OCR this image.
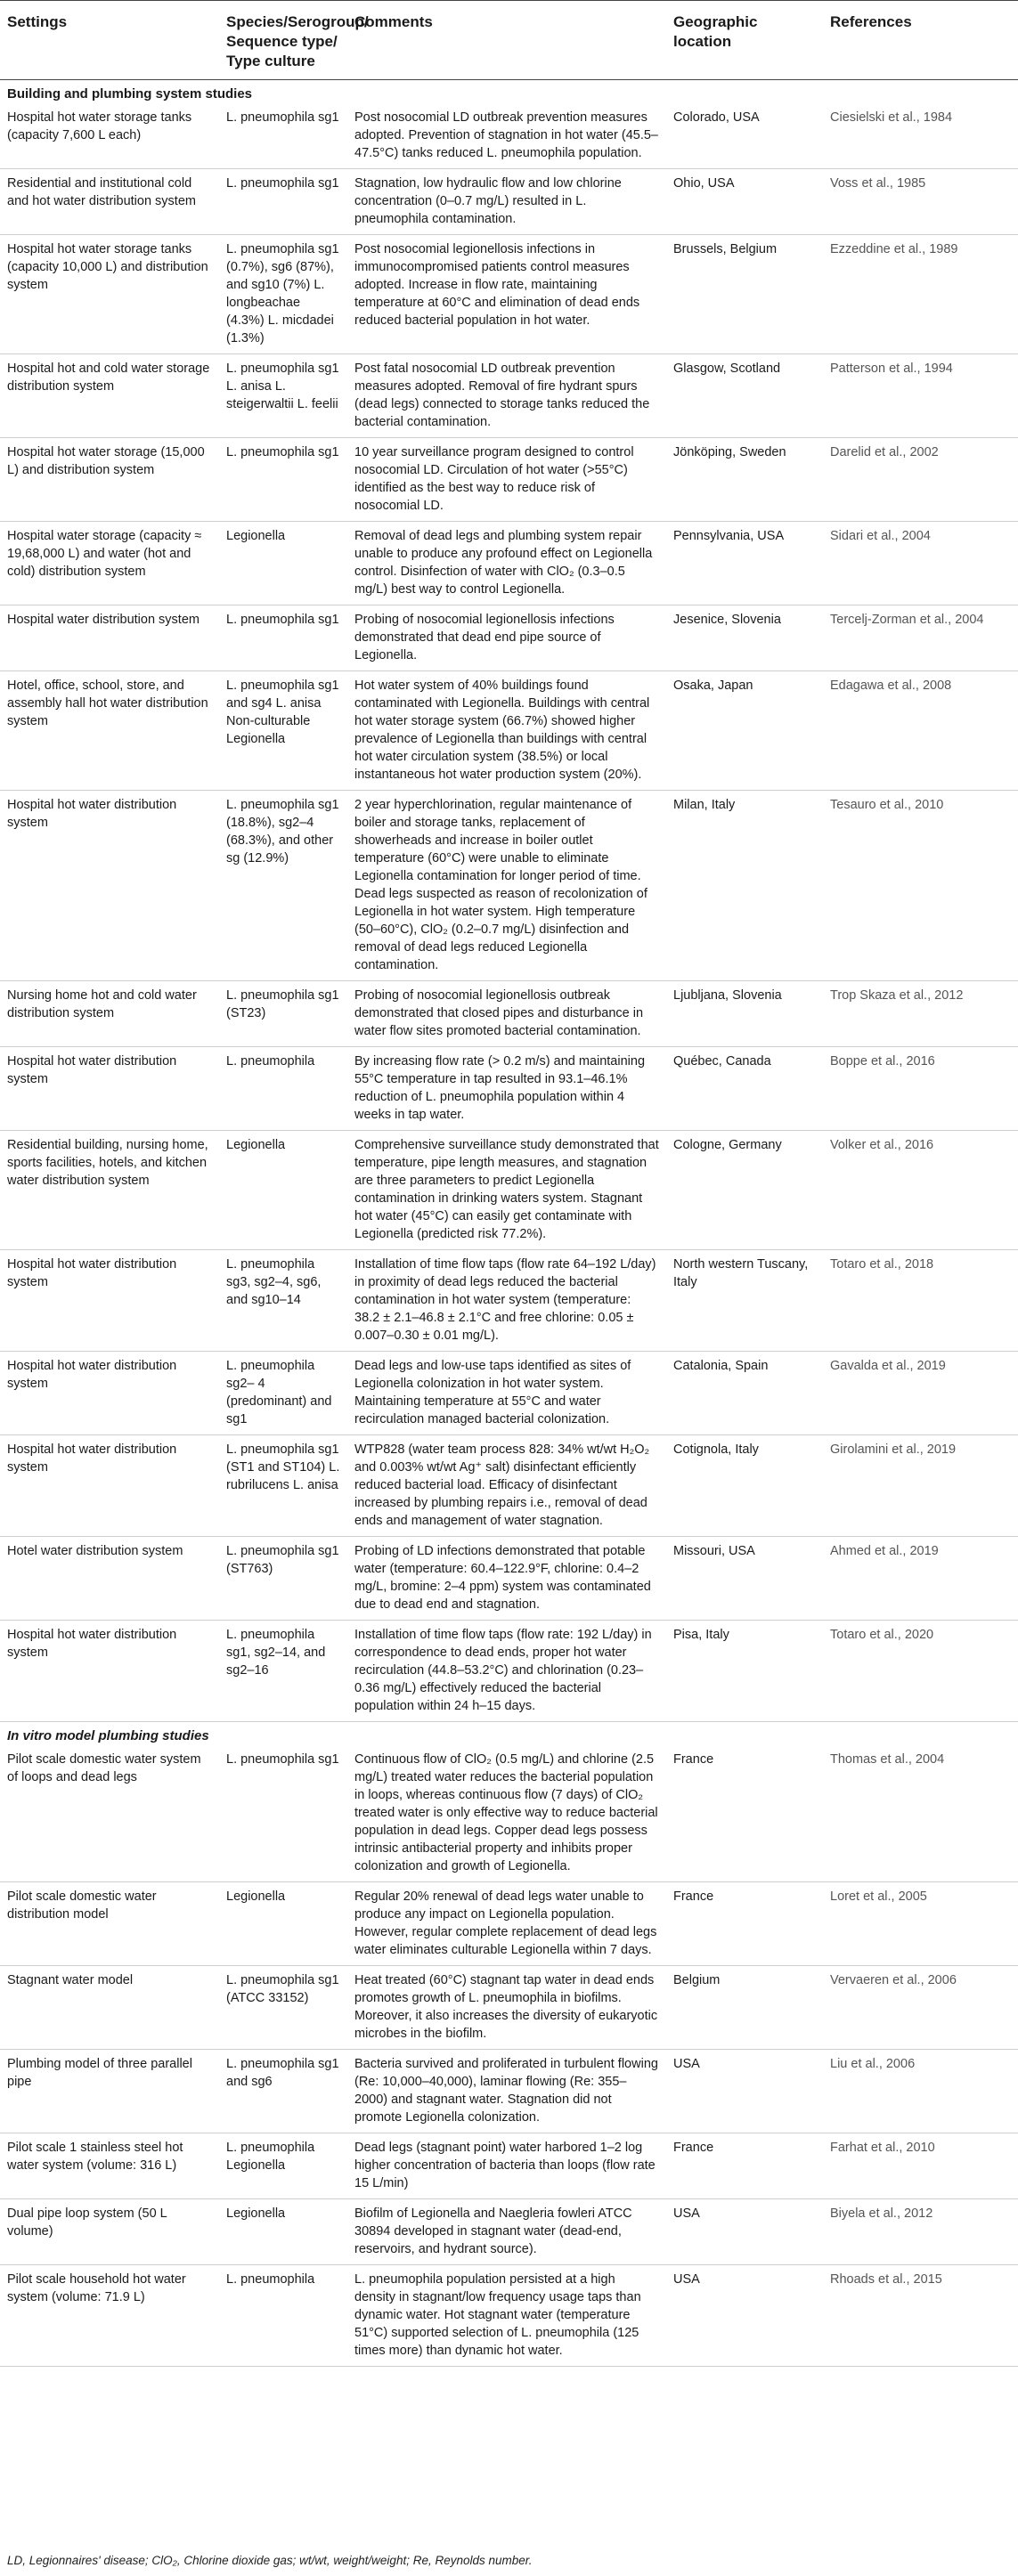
Settings	Species/Serogroup/ Sequence type/ Type culture	Comments	Geographic location	References
Building and plumbing system studies				
Hospital hot water storage tanks (capacity 7,600 L each)	L. pneumophila sg1	Post nosocomial LD outbreak prevention measures adopted. Prevention of stagnation in hot water (45.5–47.5°C) tanks reduced L. pneumophila population.	Colorado, USA	Ciesielski et al., 1984
Residential and institutional cold and hot water distribution system	L. pneumophila sg1	Stagnation, low hydraulic flow and low chlorine concentration (0–0.7 mg/L) resulted in L. pneumophila contamination.	Ohio, USA	Voss et al., 1985
Hospital hot water storage tanks (capacity 10,000 L) and distribution system	L. pneumophila sg1 (0.7%), sg6 (87%), and sg10 (7%) L. longbeachae (4.3%) L. micdadei (1.3%)	Post nosocomial legionellosis infections in immunocompromised patients control measures adopted. Increase in flow rate, maintaining temperature at 60°C and elimination of dead ends reduced bacterial population in hot water.	Brussels, Belgium	Ezzeddine et al., 1989
Hospital hot and cold water storage distribution system	L. pneumophila sg1 L. anisa L. steigerwaltii L. feelii	Post fatal nosocomial LD outbreak prevention measures adopted. Removal of fire hydrant spurs (dead legs) connected to storage tanks reduced the bacterial contamination.	Glasgow, Scotland	Patterson et al., 1994
Hospital hot water storage (15,000 L) and distribution system	L. pneumophila sg1	10 year surveillance program designed to control nosocomial LD. Circulation of hot water (>55°C) identified as the best way to reduce risk of nosocomial LD.	Jönköping, Sweden	Darelid et al., 2002
Hospital water storage (capacity ≈ 19,68,000 L) and water (hot and cold) distribution system	Legionella	Removal of dead legs and plumbing system repair unable to produce any profound effect on Legionella control. Disinfection of water with ClO₂ (0.3–0.5 mg/L) best way to control Legionella.	Pennsylvania, USA	Sidari et al., 2004
Hospital water distribution system	L. pneumophila sg1	Probing of nosocomial legionellosis infections demonstrated that dead end pipe source of Legionella.	Jesenice, Slovenia	Tercelj-Zorman et al., 2004
Hotel, office, school, store, and assembly hall hot water distribution system	L. pneumophila sg1 and sg4 L. anisa Non-culturable Legionella	Hot water system of 40% buildings found contaminated with Legionella. Buildings with central hot water storage system (66.7%) showed higher prevalence of Legionella than buildings with central hot water circulation system (38.5%) or local instantaneous hot water production system (20%).	Osaka, Japan	Edagawa et al., 2008
Hospital hot water distribution system	L. pneumophila sg1 (18.8%), sg2–4 (68.3%), and other sg (12.9%)	2 year hyperchlorination, regular maintenance of boiler and storage tanks, replacement of showerheads and increase in boiler outlet temperature (60°C) were unable to eliminate Legionella contamination for longer period of time. Dead legs suspected as reason of recolonization of Legionella in hot water system. High temperature (50–60°C), ClO₂ (0.2–0.7 mg/L) disinfection and removal of dead legs reduced Legionella contamination.	Milan, Italy	Tesauro et al., 2010
Nursing home hot and cold water distribution system	L. pneumophila sg1 (ST23)	Probing of nosocomial legionellosis outbreak demonstrated that closed pipes and disturbance in water flow sites promoted bacterial contamination.	Ljubljana, Slovenia	Trop Skaza et al., 2012
Hospital hot water distribution system	L. pneumophila	By increasing flow rate (> 0.2 m/s) and maintaining 55°C temperature in tap resulted in 93.1–46.1% reduction of L. pneumophila population within 4 weeks in tap water.	Québec, Canada	Boppe et al., 2016
Residential building, nursing home, sports facilities, hotels, and kitchen water distribution system	Legionella	Comprehensive surveillance study demonstrated that temperature, pipe length measures, and stagnation are three parameters to predict Legionella contamination in drinking waters system. Stagnant hot water (45°C) can easily get contaminate with Legionella (predicted risk 77.2%).	Cologne, Germany	Volker et al., 2016
Hospital hot water distribution system	L. pneumophila sg3, sg2–4, sg6, and sg10–14	Installation of time flow taps (flow rate 64–192 L/day) in proximity of dead legs reduced the bacterial contamination in hot water system (temperature: 38.2 ± 2.1–46.8 ± 2.1°C and free chlorine: 0.05 ± 0.007–0.30 ± 0.01 mg/L).	North western Tuscany, Italy	Totaro et al., 2018
Hospital hot water distribution system	L. pneumophila sg2– 4 (predominant) and sg1	Dead legs and low-use taps identified as sites of Legionella colonization in hot water system. Maintaining temperature at 55°C and water recirculation managed bacterial colonization.	Catalonia, Spain	Gavalda et al., 2019
Hospital hot water distribution system	L. pneumophila sg1 (ST1 and ST104) L. rubrilucens L. anisa	WTP828 (water team process 828: 34% wt/wt H₂O₂ and 0.003% wt/wt Ag⁺ salt) disinfectant efficiently reduced bacterial load. Efficacy of disinfectant increased by plumbing repairs i.e., removal of dead ends and management of water stagnation.	Cotignola, Italy	Girolamini et al., 2019
Hotel water distribution system	L. pneumophila sg1 (ST763)	Probing of LD infections demonstrated that potable water (temperature: 60.4–122.9°F, chlorine: 0.4–2 mg/L, bromine: 2–4 ppm) system was contaminated due to dead end and stagnation.	Missouri, USA	Ahmed et al., 2019
Hospital hot water distribution system	L. pneumophila sg1, sg2–14, and sg2–16	Installation of time flow taps (flow rate: 192 L/day) in correspondence to dead ends, proper hot water recirculation (44.8–53.2°C) and chlorination (0.23–0.36 mg/L) effectively reduced the bacterial population within 24 h–15 days.	Pisa, Italy	Totaro et al., 2020
In vitro model plumbing studies				
Pilot scale domestic water system of loops and dead legs	L. pneumophila sg1	Continuous flow of ClO₂ (0.5 mg/L) and chlorine (2.5 mg/L) treated water reduces the bacterial population in loops, whereas continuous flow (7 days) of ClO₂ treated water is only effective way to reduce bacterial population in dead legs. Copper dead legs possess intrinsic antibacterial property and inhibits proper colonization and growth of Legionella.	France	Thomas et al., 2004
Pilot scale domestic water distribution model	Legionella	Regular 20% renewal of dead legs water unable to produce any impact on Legionella population. However, regular complete replacement of dead legs water eliminates culturable Legionella within 7 days.	France	Loret et al., 2005
Stagnant water model	L. pneumophila sg1 (ATCC 33152)	Heat treated (60°C) stagnant tap water in dead ends promotes growth of L. pneumophila in biofilms. Moreover, it also increases the diversity of eukaryotic microbes in the biofilm.	Belgium	Vervaeren et al., 2006
Plumbing model of three parallel pipe	L. pneumophila sg1 and sg6	Bacteria survived and proliferated in turbulent flowing (Re: 10,000–40,000), laminar flowing (Re: 355–2000) and stagnant water. Stagnation did not promote Legionella colonization.	USA	Liu et al., 2006
Pilot scale 1 stainless steel hot water system (volume: 316 L)	L. pneumophila Legionella	Dead legs (stagnant point) water harbored 1–2 log higher concentration of bacteria than loops (flow rate 15 L/min)	France	Farhat et al., 2010
Dual pipe loop system (50 L volume)	Legionella	Biofilm of Legionella and Naegleria fowleri ATCC 30894 developed in stagnant water (dead-end, reservoirs, and hydrant source).	USA	Biyela et al., 2012
Pilot scale household hot water system (volume: 71.9 L)	L. pneumophila	L. pneumophila population persisted at a high density in stagnant/low frequency usage taps than dynamic water. Hot stagnant water (temperature 51°C) supported selection of L. pneumophila (125 times more) than dynamic hot water.	USA	Rhoads et al., 2015
LD, Legionnaires' disease; ClO₂, Chlorine dioxide gas; wt/wt, weight/weight; Re, Reynolds number.
